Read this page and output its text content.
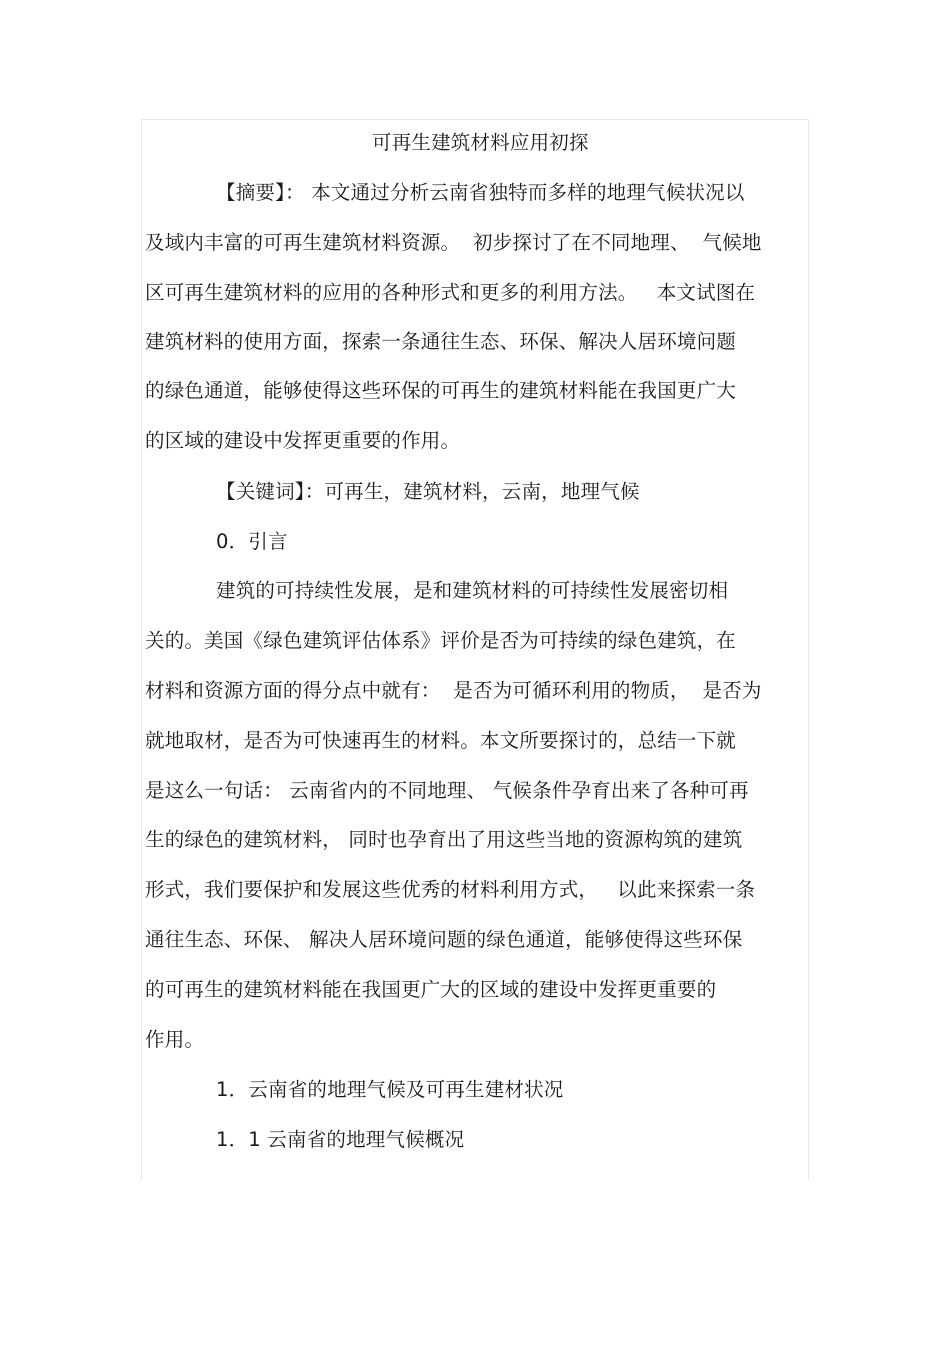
可再生建筑材料应用初探
【摘要】： 本文通过分析云南省独特而多样的地理气候状况以
及域内丰富的可再生建筑材料资源。  初步探讨了在不同地理、  气候地
区可再生建筑材料的应用的各种形式和更多的利用方法。   本文试图在
建筑材料的使用方面，探索一条通往生态、环保、解决人居环境问题
的绿色通道，能够使得这些环保的可再生的建筑材料能在我国更广大
的区域的建设中发挥更重要的作用。
【关键词】：可再生，建筑材料，云南，地理气候
0．引言
建筑的可持续性发展，是和建筑材料的可持续性发展密切相
关的。美国《绿色建筑评估体系》评价是否为可持续的绿色建筑，在
材料和资源方面的得分点中就有：  是否为可循环利用的物质，  是否为
就地取材，是否为可快速再生的材料。本文所要探讨的，总结一下就
是这么一句话： 云南省内的不同地理、 气候条件孕育出来了各种可再
生的绿色的建筑材料， 同时也孕育出了用这些当地的资源构筑的建筑
形式，我们要保护和发展这些优秀的材料利用方式，   以此来探索一条
通往生态、环保、 解决人居环境问题的绿色通道，能够使得这些环保
的可再生的建筑材料能在我国更广大的区域的建设中发挥更重要的
作用。
1．云南省的地理气候及可再生建材状况
1．1 云南省的地理气候概况
